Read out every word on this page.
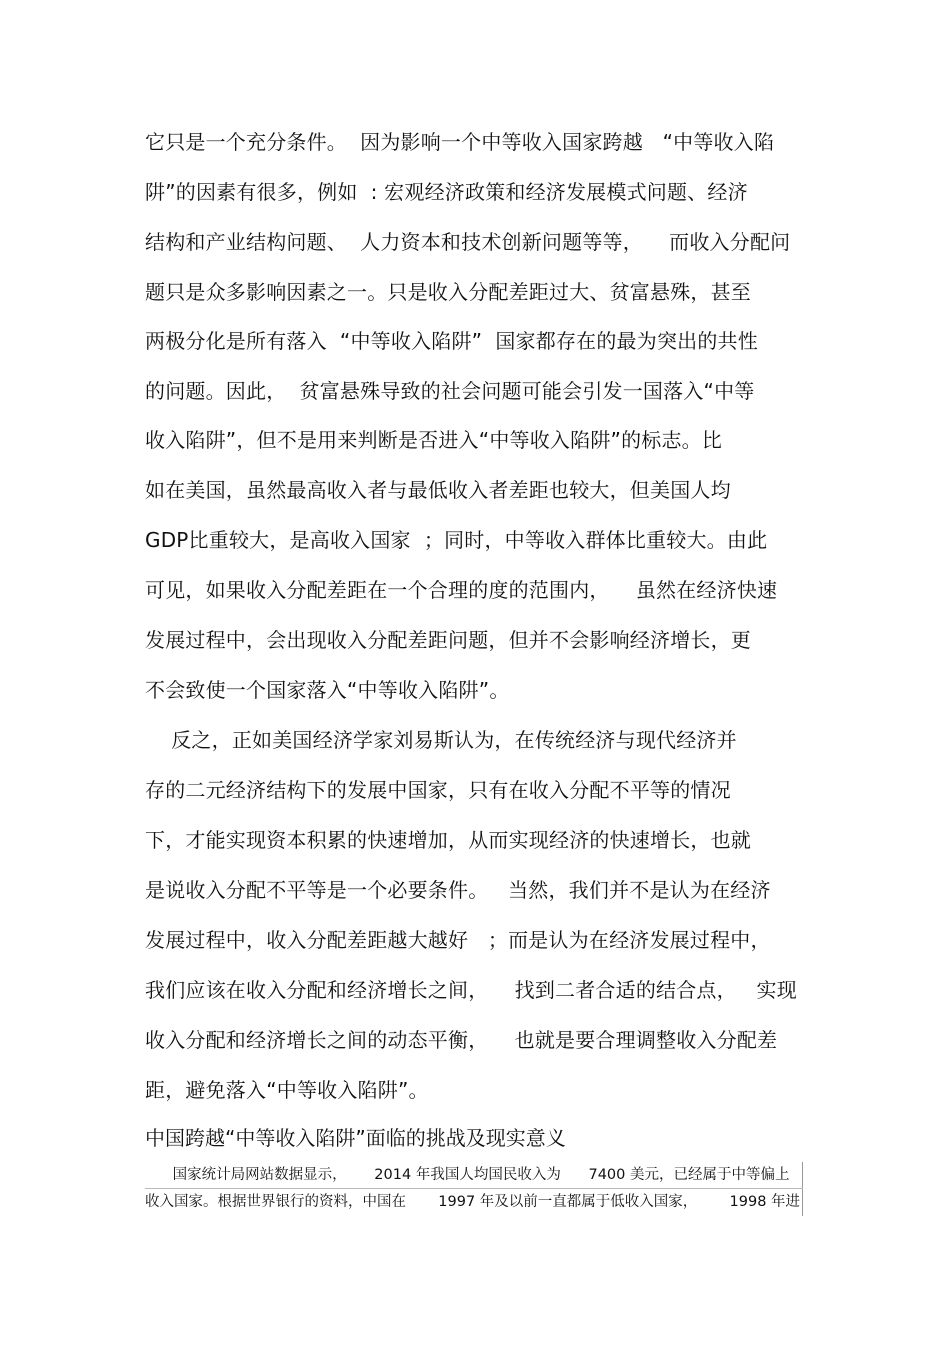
它只是一个充分条件。  因为影响一个中等收入国家跨越   “中等收入陷
阱”的因素有很多，例如  : 宏观经济政策和经济发展模式问题、经济
结构和产业结构问题、  人力资本和技术创新问题等等，    而收入分配问
题只是众多影响因素之一。只是收入分配差距过大、贫富悬殊，甚至
两极分化是所有落入  “中等收入陷阱”  国家都存在的最为突出的共性
的问题。因此，  贫富悬殊导致的社会问题可能会引发一国落入“中等
收入陷阱”，但不是用来判断是否进入“中等收入陷阱”的标志。比
如在美国，虽然最高收入者与最低收入者差距也较大，但美国人均
GDP比重较大，是高收入国家  ；同时，中等收入群体比重较大。由此
可见，如果收入分配差距在一个合理的度的范围内，    虽然在经济快速
发展过程中，会出现收入分配差距问题，但并不会影响经济增长，更
不会致使一个国家落入“中等收入陷阱”。
反之，正如美国经济学家刘易斯认为，在传统经济与现代经济并
存的二元经济结构下的发展中国家，只有在收入分配不平等的情况
下，才能实现资本积累的快速增加，从而实现经济的快速增长，也就
是说收入分配不平等是一个必要条件。   当然，我们并不是认为在经济
发展过程中，收入分配差距越大越好   ；而是认为在经济发展过程中，
我们应该在收入分配和经济增长之间，    找到二者合适的结合点，   实现
收入分配和经济增长之间的动态平衡，    也就是要合理调整收入分配差
距，避免落入“中等收入陷阱”。
中国跨越“中等收入陷阱”面临的挑战及现实意义
国家统计局网站数据显示，      2014 年我国人均国民收入为      7400 美元，已经属于中等偏上
收入国家。根据世界银行的资料，中国在       1997 年及以前一直都属于低收入国家，       1998 年进
